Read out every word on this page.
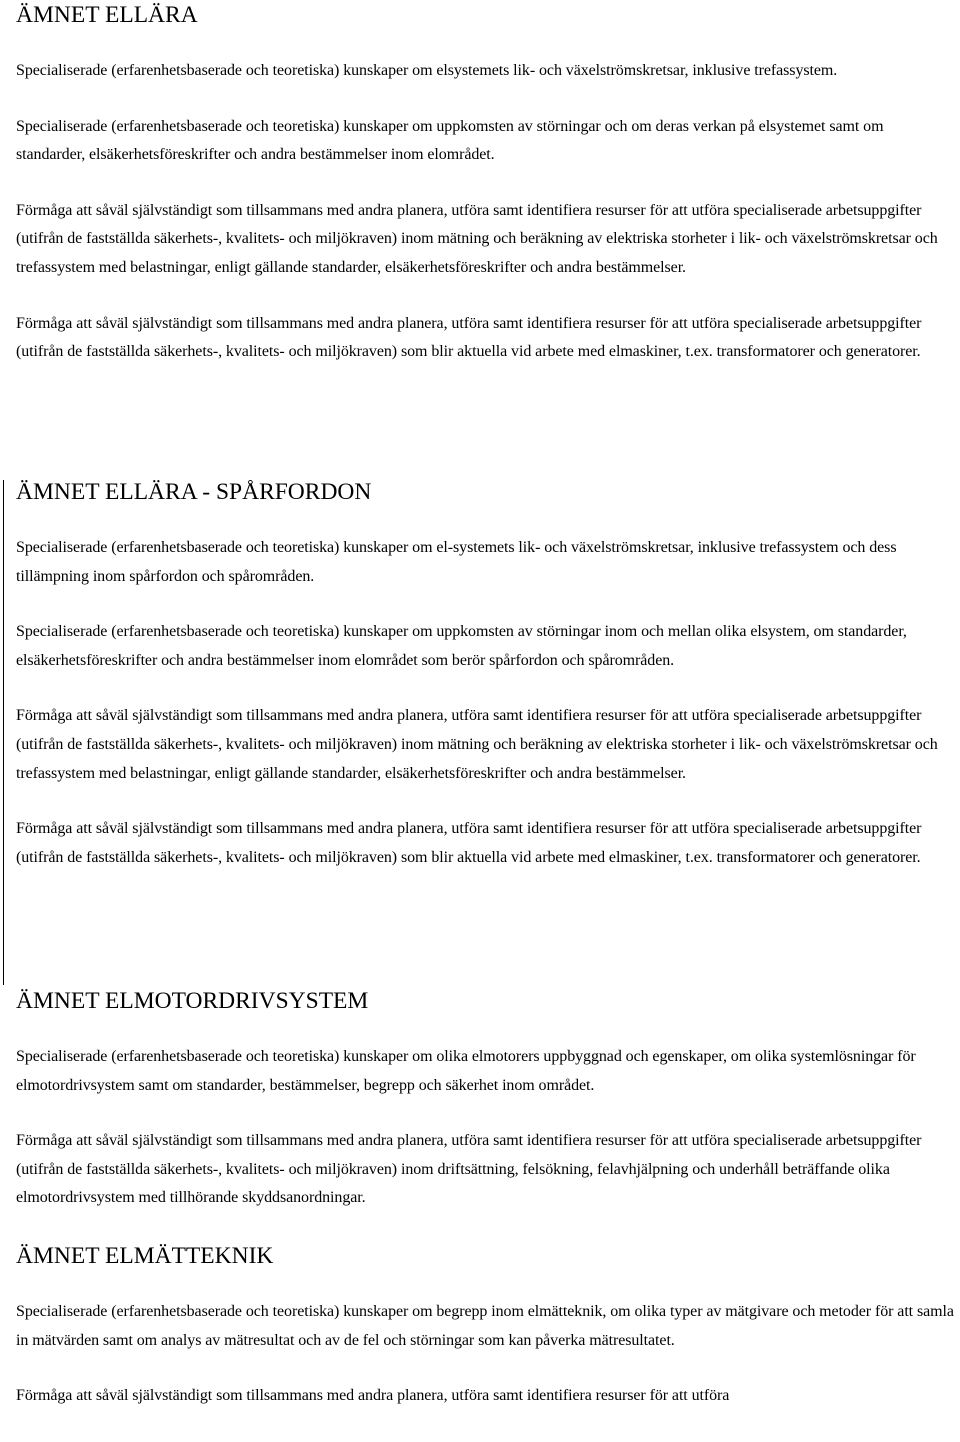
ÄMNET ELLÄRA

Specialiserade (erfarenhetsbaserade och teoretiska) kunskaper om elsystemets lik- och växelströmskretsar, inklusive trefassystem.

Specialiserade (erfarenhetsbaserade och teoretiska) kunskaper om uppkomsten av störningar och om deras verkan på elsystemet samt om standarder, elsäkerhetsföreskrifter och andra bestämmelser inom elområdet.

Förmåga att såväl självständigt som tillsammans med andra planera, utföra samt identifiera resurser för att utföra specialiserade arbetsuppgifter (utifrån de fastställda säkerhets-, kvalitets- och miljökraven) inom mätning och beräkning av elektriska storheter i lik- och växelströmskretsar och trefassystem med belastningar, enligt gällande standarder, elsäkerhetsföreskrifter och andra bestämmelser.

Förmåga att såväl självständigt som tillsammans med andra planera, utföra samt identifiera resurser för att utföra specialiserade arbetsuppgifter (utifrån de fastställda säkerhets-, kvalitets- och miljökraven) som blir aktuella vid arbete med elmaskiner, t.ex. transformatorer och generatorer.

ÄMNET ELLÄRA - SPÅRFORDON

Specialiserade (erfarenhetsbaserade och teoretiska) kunskaper om el-systemets lik- och växelströmskretsar, inklusive trefassystem och dess tillämpning inom spårfordon och spårområden.

Specialiserade (erfarenhetsbaserade och teoretiska) kunskaper om uppkomsten av störningar inom och mellan olika elsystem, om standarder, elsäkerhetsföreskrifter och andra bestämmelser inom elområdet som berör spårfordon och spårområden.

Förmåga att såväl självständigt som tillsammans med andra planera, utföra samt identifiera resurser för att utföra specialiserade arbetsuppgifter (utifrån de fastställda säkerhets-, kvalitets- och miljökraven) inom mätning och beräkning av elektriska storheter i lik- och växelströmskretsar och trefassystem med belastningar, enligt gällande standarder, elsäkerhetsföreskrifter och andra bestämmelser.

Förmåga att såväl självständigt som tillsammans med andra planera, utföra samt identifiera resurser för att utföra specialiserade arbetsuppgifter (utifrån de fastställda säkerhets-, kvalitets- och miljökraven) som blir aktuella vid arbete med elmaskiner, t.ex. transformatorer och generatorer.

ÄMNET ELMOTORDRIVSYSTEM

Specialiserade (erfarenhetsbaserade och teoretiska) kunskaper om olika elmotorers uppbyggnad och egenskaper, om olika systemlösningar för elmotordrivsystem samt om standarder, bestämmelser, begrepp och säkerhet inom området.

Förmåga att såväl självständigt som tillsammans med andra planera, utföra samt identifiera resurser för att utföra specialiserade arbetsuppgifter (utifrån de fastställda säkerhets-, kvalitets- och miljökraven) inom driftsättning, felsökning, felavhjälpning och underhåll beträffande olika elmotordrivsystem med tillhörande skyddsanordningar.

ÄMNET ELMÄTTEKNIK

Specialiserade (erfarenhetsbaserade och teoretiska) kunskaper om begrepp inom elmätteknik, om olika typer av mätgivare och metoder för att samla in mätvärden samt om analys av mätresultat och av de fel och störningar som kan påverka mätresultatet.

Förmåga att såväl självständigt som tillsammans med andra planera, utföra samt identifiera resurser för att utföra
